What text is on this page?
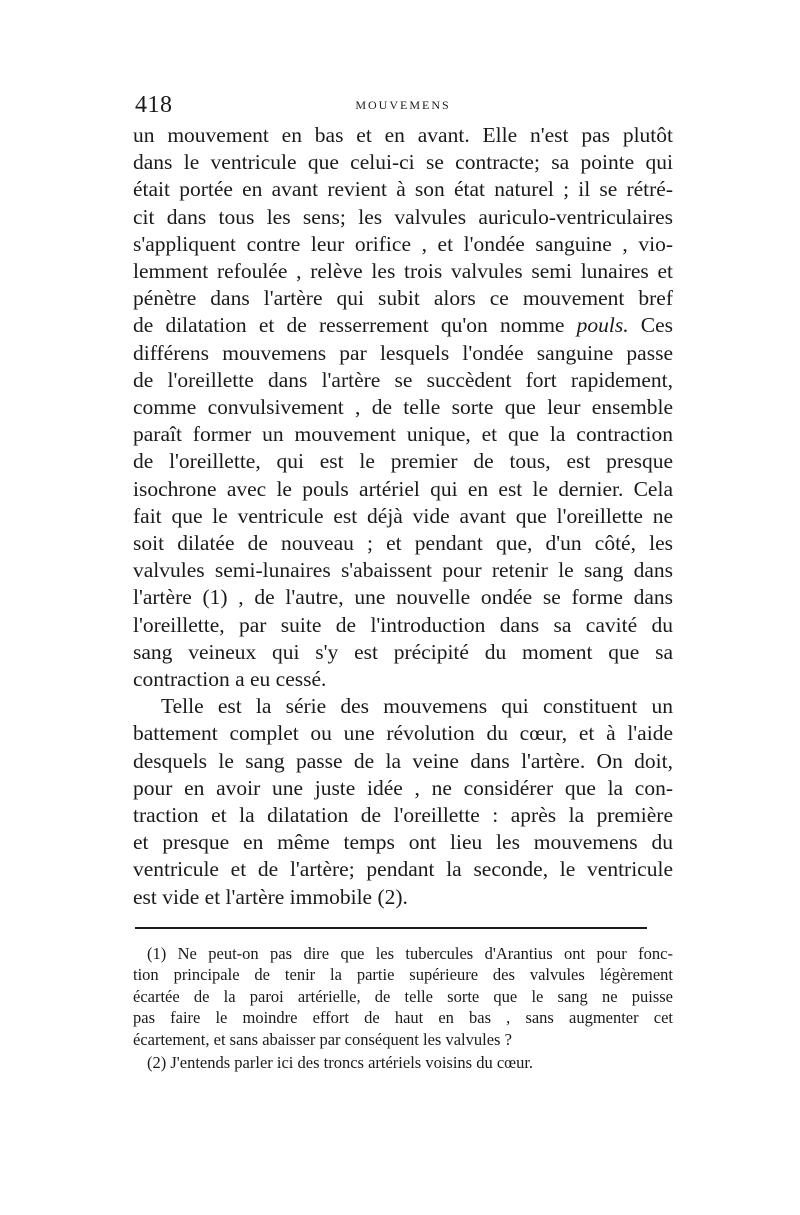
418	MOUVEMENS

un mouvement en bas et en avant. Elle n'est pas plutôt
dans le ventricule que celui-ci se contracte; sa pointe qui
était portée en avant revient à son état naturel ; il se rétré-
cit dans tous les sens; les valvules auriculo-ventriculaires
s'appliquent contre leur orifice , et l'ondée sanguine , vio-
lemment refoulée , relève les trois valvules semi lunaires et
pénètre dans l'artère qui subit alors ce mouvement bref
de dilatation et de resserrement qu'on nomme pouls. Ces
différens mouvemens par lesquels l'ondée sanguine passe
de l'oreillette dans l'artère se succèdent fort rapidement,
comme convulsivement , de telle sorte que leur ensemble
paraît former un mouvement unique, et que la contraction
de l'oreillette, qui est le premier de tous, est presque
isochrone avec le pouls artériel qui en est le dernier. Cela
fait que le ventricule est déjà vide avant que l'oreillette ne
soit dilatée de nouveau ; et pendant que, d'un côté, les
valvules semi-lunaires s'abaissent pour retenir le sang dans
l'artère (1) , de l'autre, une nouvelle ondée se forme dans
l'oreillette, par suite de l'introduction dans sa cavité du
sang veineux qui s'y est précipité du moment que sa
contraction a eu cessé.

Telle est la série des mouvemens qui constituent un
battement complet ou une révolution du cœur, et à l'aide
desquels le sang passe de la veine dans l'artère. On doit,
pour en avoir une juste idée , ne considérer que la con-
traction et la dilatation de l'oreillette : après la première
et presque en même temps ont lieu les mouvemens du
ventricule et de l'artère; pendant la seconde, le ventricule
est vide et l'artère immobile (2).

(1) Ne peut-on pas dire que les tubercules d'Arantius ont pour fonc-
tion principale de tenir la partie supérieure des valvules légèrement
écartée de la paroi artérielle, de telle sorte que le sang ne puisse
pas faire le moindre effort de haut en bas , sans augmenter cet
écartement, et sans abaisser par conséquent les valvules ?
(2) J'entends parler ici des troncs artériels voisins du cœur.
